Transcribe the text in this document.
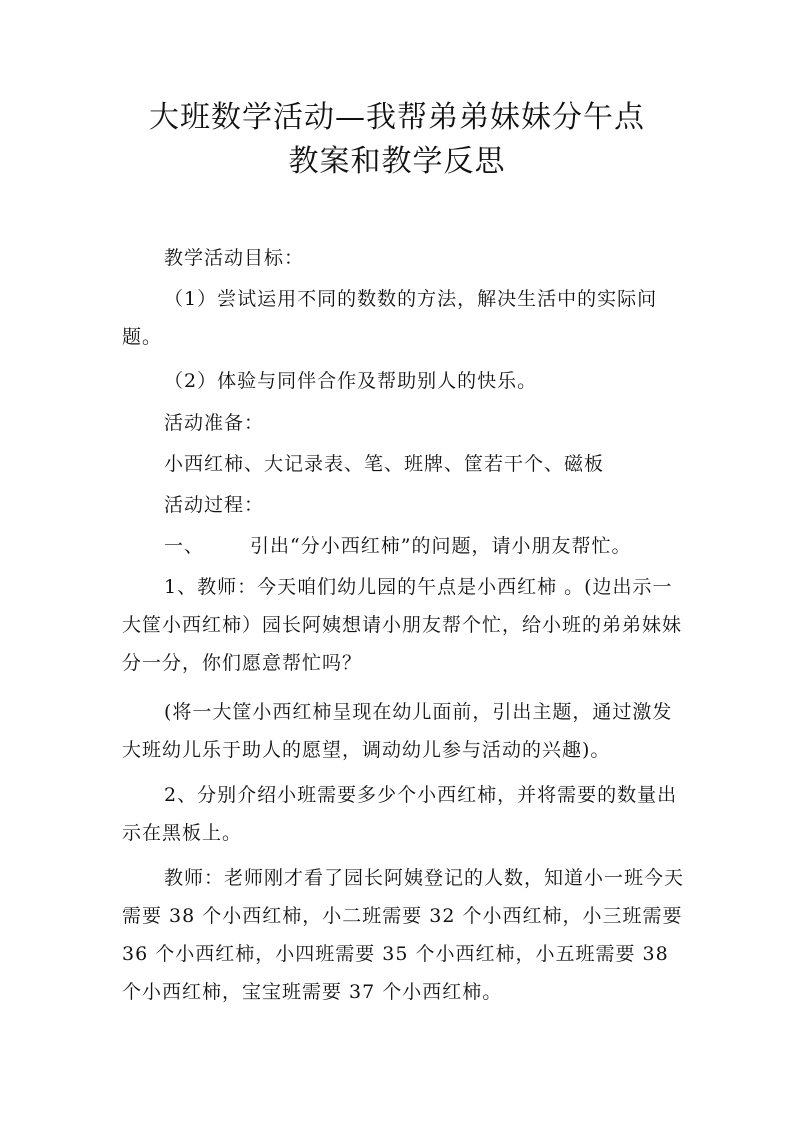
大班数学活动—我帮弟弟妹妹分午点
教案和教学反思

教学活动目标：

（1）尝试运用不同的数数的方法，解决生活中的实际问题。

（2）体验与同伴合作及帮助别人的快乐。

活动准备：

小西红柿、大记录表、笔、班牌、筐若干个、磁板

活动过程：

一、 引出“分小西红柿”的问题，请小朋友帮忙。

1、教师：今天咱们幼儿园的午点是小西红柿 。(边出示一大筐小西红柿）园长阿姨想请小朋友帮个忙，给小班的弟弟妹妹分一分，你们愿意帮忙吗？

(将一大筐小西红柿呈现在幼儿面前，引出主题，通过激发大班幼儿乐于助人的愿望，调动幼儿参与活动的兴趣)。

2、分别介绍小班需要多少个小西红柿，并将需要的数量出示在黑板上。

教师：老师刚才看了园长阿姨登记的人数，知道小一班今天需要 38 个小西红柿，小二班需要 32 个小西红柿，小三班需要 36 个小西红柿，小四班需要 35 个小西红柿，小五班需要 38 个小西红柿，宝宝班需要 37 个小西红柿。
